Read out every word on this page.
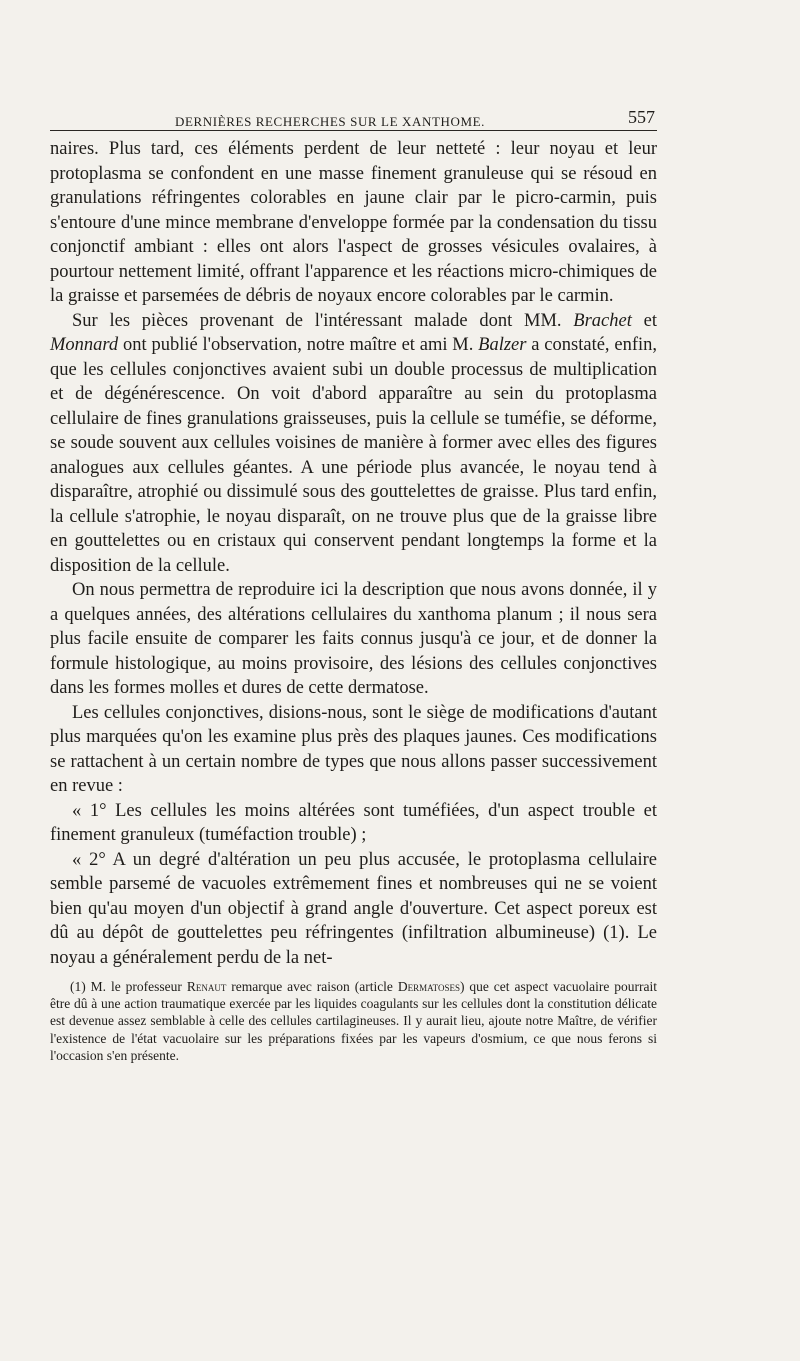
DERNIÈRES RECHERCHES SUR LE XANTHOME.	557

naires. Plus tard, ces éléments perdent de leur netteté : leur noyau et leur protoplasma se confondent en une masse finement granuleuse qui se résoud en granulations réfringentes colorables en jaune clair par le picro-carmin, puis s'entoure d'une mince membrane d'enveloppe formée par la condensation du tissu conjonctif ambiant : elles ont alors l'aspect de grosses vésicules ovalaires, à pourtour nettement limité, offrant l'apparence et les réactions micro-chimiques de la graisse et parsemées de débris de noyaux encore colorables par le carmin.

Sur les pièces provenant de l'intéressant malade dont MM. Brachet et Monnard ont publié l'observation, notre maître et ami M. Balzer a constaté, enfin, que les cellules conjonctives avaient subi un double processus de multiplication et de dégénérescence. On voit d'abord apparaître au sein du protoplasma cellulaire de fines granulations graisseuses, puis la cellule se tuméfie, se déforme, se soude souvent aux cellules voisines de manière à former avec elles des figures analogues aux cellules géantes. A une période plus avancée, le noyau tend à disparaître, atrophié ou dissimulé sous des gouttelettes de graisse. Plus tard enfin, la cellule s'atrophie, le noyau disparaît, on ne trouve plus que de la graisse libre en gouttelettes ou en cristaux qui conservent pendant longtemps la forme et la disposition de la cellule.

On nous permettra de reproduire ici la description que nous avons donnée, il y a quelques années, des altérations cellulaires du xanthoma planum ; il nous sera plus facile ensuite de comparer les faits connus jusqu'à ce jour, et de donner la formule histologique, au moins provisoire, des lésions des cellules conjonctives dans les formes molles et dures de cette dermatose.

Les cellules conjonctives, disions-nous, sont le siège de modifications d'autant plus marquées qu'on les examine plus près des plaques jaunes. Ces modifications se rattachent à un certain nombre de types que nous allons passer successivement en revue :

« 1° Les cellules les moins altérées sont tuméfiées, d'un aspect trouble et finement granuleux (tuméfaction trouble) ;

« 2° A un degré d'altération un peu plus accusée, le protoplasma cellulaire semble parsemé de vacuoles extrêmement fines et nombreuses qui ne se voient bien qu'au moyen d'un objectif à grand angle d'ouverture. Cet aspect poreux est dû au dépôt de gouttelettes peu réfringentes (infiltration albumineuse) (1). Le noyau a généralement perdu de la net-

(1) M. le professeur Renaut remarque avec raison (article Dermatoses) que cet aspect vacuolaire pourrait être dû à une action traumatique exercée par les liquides coagulants sur les cellules dont la constitution délicate est devenue assez semblable à celle des cellules cartilagineuses. Il y aurait lieu, ajoute notre Maître, de vérifier l'existence de l'état vacuolaire sur les préparations fixées par les vapeurs d'osmium, ce que nous ferons si l'occasion s'en présente.
